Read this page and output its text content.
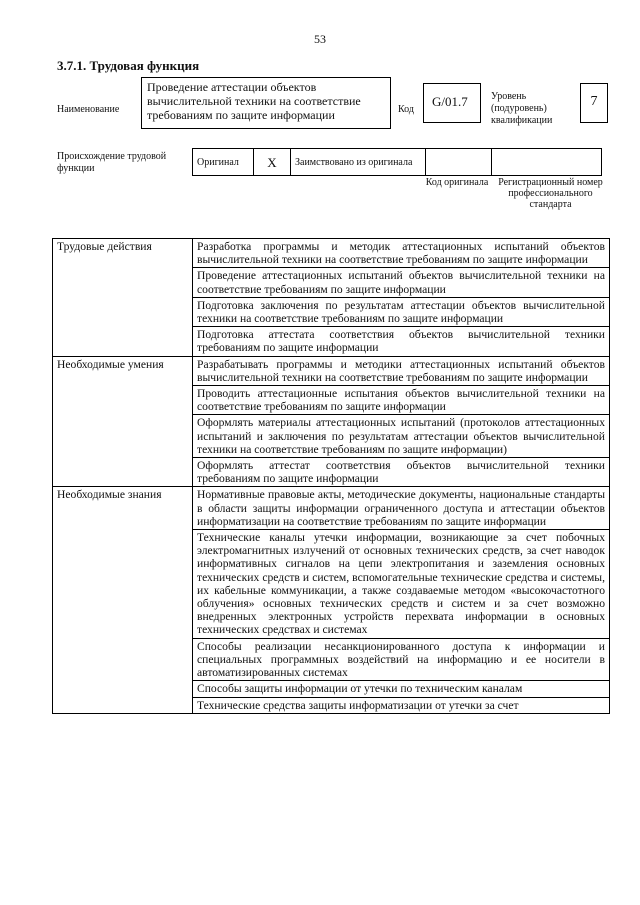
53
3.7.1. Трудовая функция
Наименование
Проведение аттестации объектов вычислительной техники на соответствие требованиям по защите информации	Код
G/01.7	Уровень (подуровень) квалификации
7
Происхождение трудовой функции
Оригинал	X	Заимствовано из оригинала		
Код оригинала Регистрационный номер профессионального стандарта
Трудовые действия	Разработка программы и методик аттестационных испытаний объектов вычислительной техники на соответствие требованиям по защите информации
	Проведение аттестационных испытаний объектов вычислительной техники на соответствие требованиям по защите информации
	Подготовка заключения по результатам аттестации объектов вычислительной техники на соответствие требованиям по защите информации
	Подготовка аттестата соответствия объектов вычислительной техники требованиям по защите информации
Необходимые умения	Разрабатывать программы и методики аттестационных испытаний объектов вычислительной техники на соответствие требованиям по защите информации
	Проводить аттестационные испытания объектов вычислительной техники на соответствие требованиям по защите информации
	Оформлять материалы аттестационных испытаний (протоколов аттестационных испытаний и заключения по результатам аттестации объектов вычислительной техники на соответствие требованиям по защите информации)
	Оформлять аттестат соответствия объектов вычислительной техники требованиям по защите информации
Необходимые знания	Нормативные правовые акты, методические документы, национальные стандарты в области защиты информации ограниченного доступа и аттестации объектов информатизации на соответствие требованиям по защите информации
	Технические каналы утечки информации, возникающие за счет побочных электромагнитных излучений от основных технических средств, за счет наводок информативных сигналов на цепи электропитания и заземления основных технических средств и систем, вспомогательные технические средства и системы, их кабельные коммуникации, а также создаваемые методом «высокочастотного облучения» основных технических средств и систем и за счет возможно внедренных электронных устройств перехвата информации в основных технических средствах и системах
	Способы реализации несанкционированного доступа к информации и специальных программных воздействий на информацию и ее носители в автоматизированных системах
	Способы защиты информации от утечки по техническим каналам
	Технические средства защиты информатизации от утечки за счет
